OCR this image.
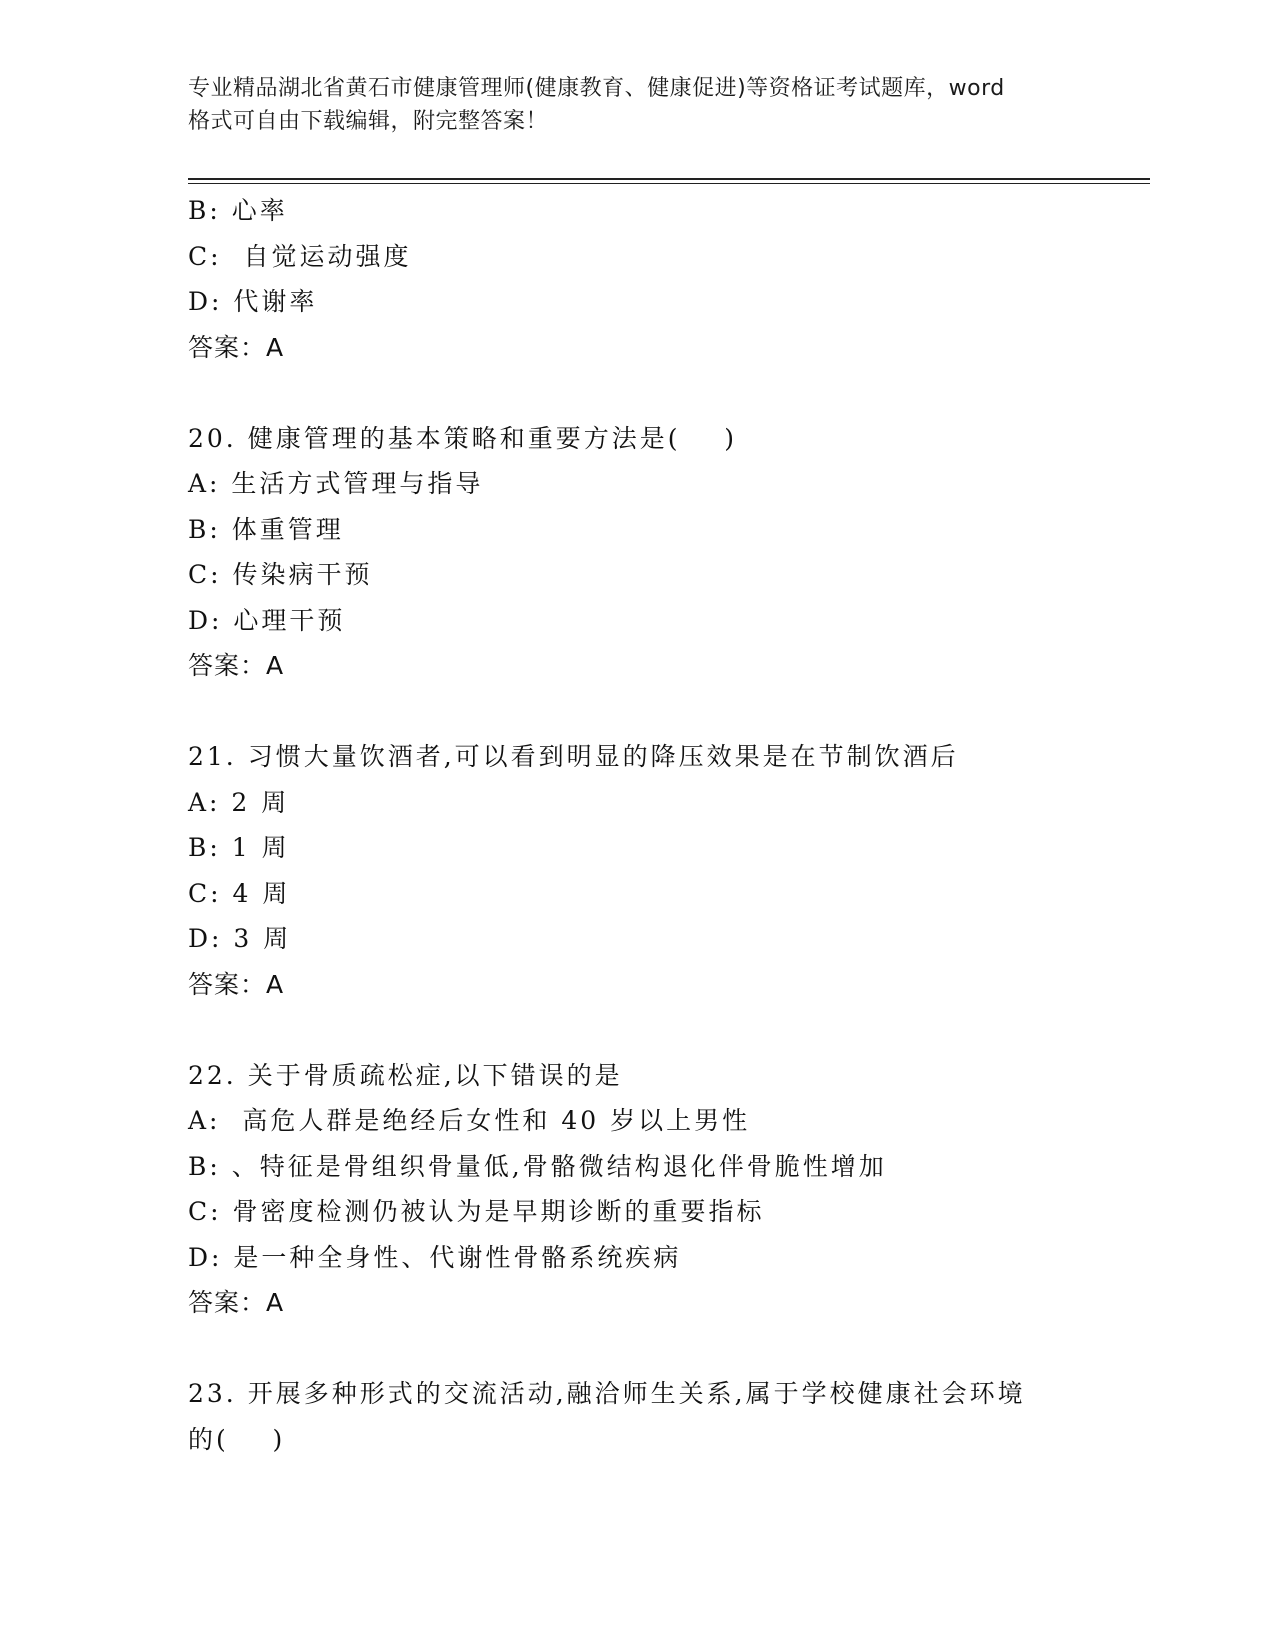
专业精品湖北省黄石市健康管理师(健康教育、健康促进)等资格证考试题库，word
格式可自由下载编辑，附完整答案！
B: 心率
C:  自觉运动强度
D: 代谢率
答案：A
20. 健康管理的基本策略和重要方法是(    )
A: 生活方式管理与指导
B: 体重管理
C: 传染病干预
D: 心理干预
答案：A
21. 习惯大量饮酒者,可以看到明显的降压效果是在节制饮酒后
A: 2 周
B: 1 周
C: 4 周
D: 3 周
答案：A
22. 关于骨质疏松症,以下错误的是
A:  高危人群是绝经后女性和 40 岁以上男性
B: 、特征是骨组织骨量低,骨骼微结构退化伴骨脆性增加
C: 骨密度检测仍被认为是早期诊断的重要指标
D: 是一种全身性、代谢性骨骼系统疾病
答案：A
23. 开展多种形式的交流活动,融洽师生关系,属于学校健康社会环境
的(    )
